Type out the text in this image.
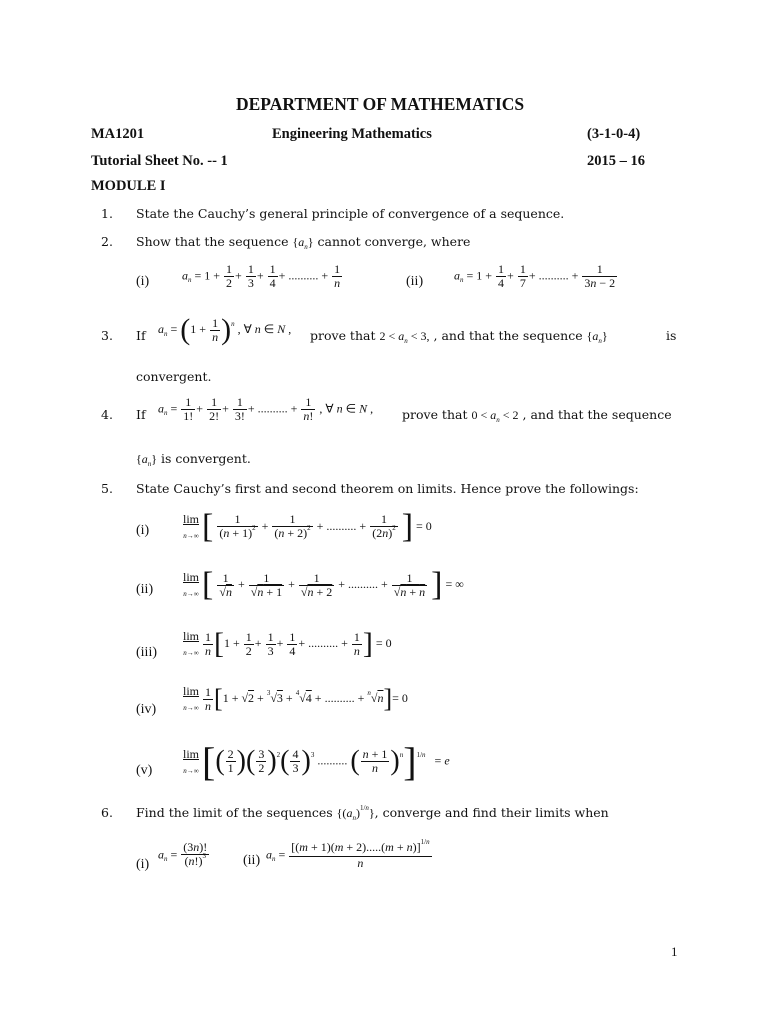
DEPARTMENT OF MATHEMATICS
MA1201	Engineering Mathematics	(3-1-0-4)
Tutorial Sheet No. -- 1	2015 – 16
MODULE I
1. State the Cauchy’s general principle of convergence of a sequence.
2. Show that the sequence $\{a_n\}$ cannot converge, where
(i)	$a_n = 1 + \frac{1}{2} + \frac{1}{3} + \frac{1}{4}$ + .......... + $\frac{1}{n}$	(ii)	$a_n = 1 + \frac{1}{4} + \frac{1}{7}$ + .......... + $\frac{1}{3n - 2}$
3. If $a_n = (1 + \frac{1}{n} )^n$ , ∀ n ∈ N , prove that $2 < a_n < 3$, , and that the sequence $\{a_n\}$	is
convergent.
4. If $a_n = \frac{1}{1!} + \frac{1}{2!} + \frac{1}{3!}$ + .......... + $\frac{1}{n!}$ , ∀ n ∈ N , prove that $0 < a_n < 2$ , and that the sequence
$\{a_n\}$ is convergent.
5. State Cauchy’s first and second theorem on limits. Hence prove the followings:
(i)
lim
n→∞ [ $\frac{1}{(n + 1)^2} + \frac{1}{(n + 2)^2}$ + .......... + $\frac{1}{(2n)^2}$ ] = 0
(ii)
lim
n→∞ [ $\frac{1}{√n} + \frac{1}{√n + 1} + \frac{1}{√n + 2}$ + .......... + $\frac{1}{√n + n}$ ] = ∞
(iii)
lim
$n\to\infty \frac{1}{n} [1 + \frac{1}{2} + \frac{1}{3} + \frac{1}{4}$ + .......... + $\frac{1}{n}$ ] = 0
(iv)
lim
$n\to\infty \frac{1}{n} [1 + √2 + ^3√3 + ^4√4$ + .......... + $^n$√n]= 0
(v)
lim
n→∞ [( $\frac{2}{1}$ )( $\frac{3}{2} )^2( \frac{4}{3} )^3$ .......... ( $\frac{n + 1}{n} )^n]^{1/n} = e$
6. Find the limit of the sequences $\{(a_n)^{1/n}\}$, converge and find their limits when
(i)
$a_n = \frac{(3n)!}{(n!)^3} (ii) a_n = \frac{[(m + 1)(m + 2).....(m + n)]^{1/n}}{n}$
1
